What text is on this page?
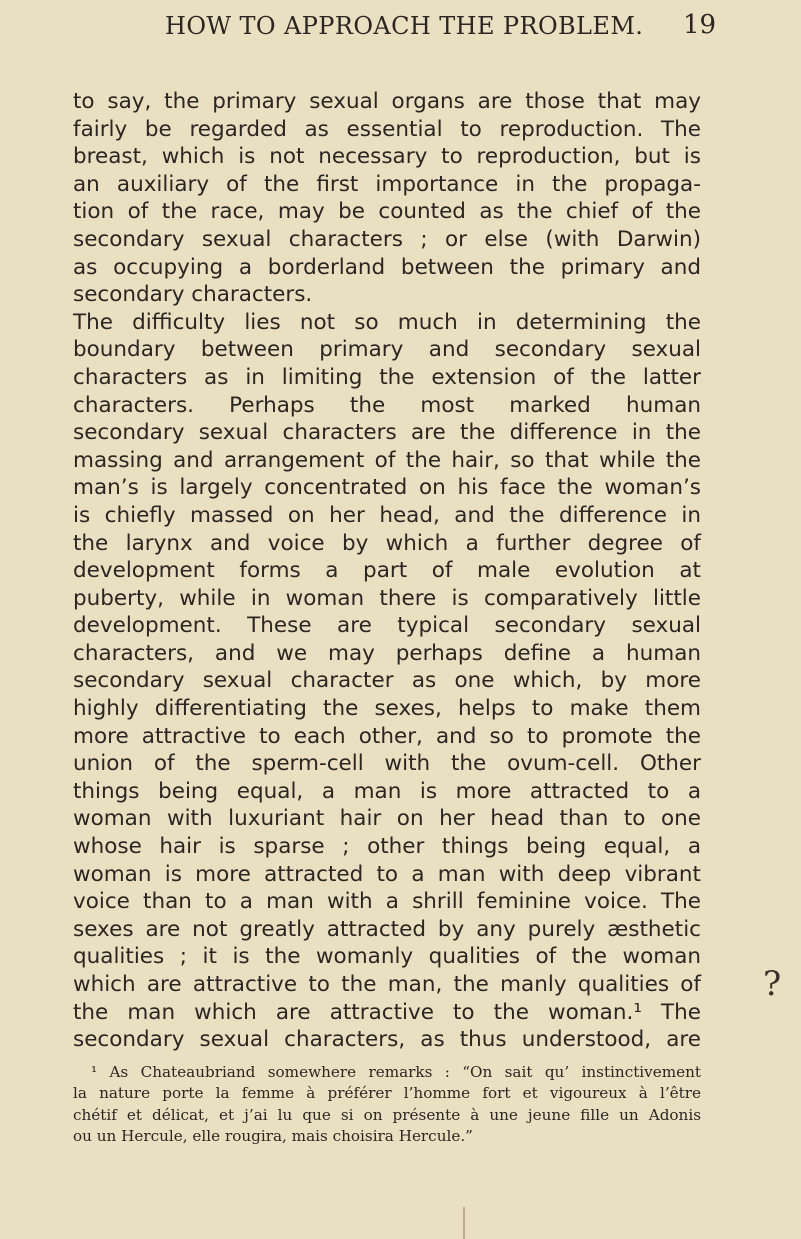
HOW TO APPROACH THE PROBLEM. 19
to say, the primary sexual organs are those that may
fairly be regarded as essential to reproduction. The
breast, which is not necessary to reproduction, but is
an auxiliary of the first importance in the propaga-
tion of the race, may be counted as the chief of the
secondary sexual characters ; or else (with Darwin)
as occupying a borderland between the primary and
secondary characters.
The difficulty lies not so much in determining the
boundary between primary and secondary sexual
characters as in limiting the extension of the latter
characters. Perhaps the most marked human
secondary sexual characters are the difference in the
massing and arrangement of the hair, so that while the
man’s is largely concentrated on his face the woman’s
is chiefly massed on her head, and the difference in
the larynx and voice by which a further degree of
development forms a part of male evolution at
puberty, while in woman there is comparatively little
development. These are typical secondary sexual
characters, and we may perhaps define a human
secondary sexual character as one which, by more
highly differentiating the sexes, helps to make them
more attractive to each other, and so to promote the
union of the sperm-cell with the ovum-cell. Other
things being equal, a man is more attracted to a
woman with luxuriant hair on her head than to one
whose hair is sparse ; other things being equal, a
woman is more attracted to a man with deep vibrant
voice than to a man with a shrill feminine voice. The
sexes are not greatly attracted by any purely æsthetic
qualities ; it is the womanly qualities of the woman
which are attractive to the man, the manly qualities of
the man which are attractive to the woman.¹ The
secondary sexual characters, as thus understood, are
¹ As Chateaubriand somewhere remarks : “On sait qu’ instinctivement
la nature porte la femme à préférer l’homme fort et vigoureux à l’être
chétif et délicat, et j’ai lu que si on présente à une jeune fille un Adonis
ou un Hercule, elle rougira, mais choisira Hercule.”
?
